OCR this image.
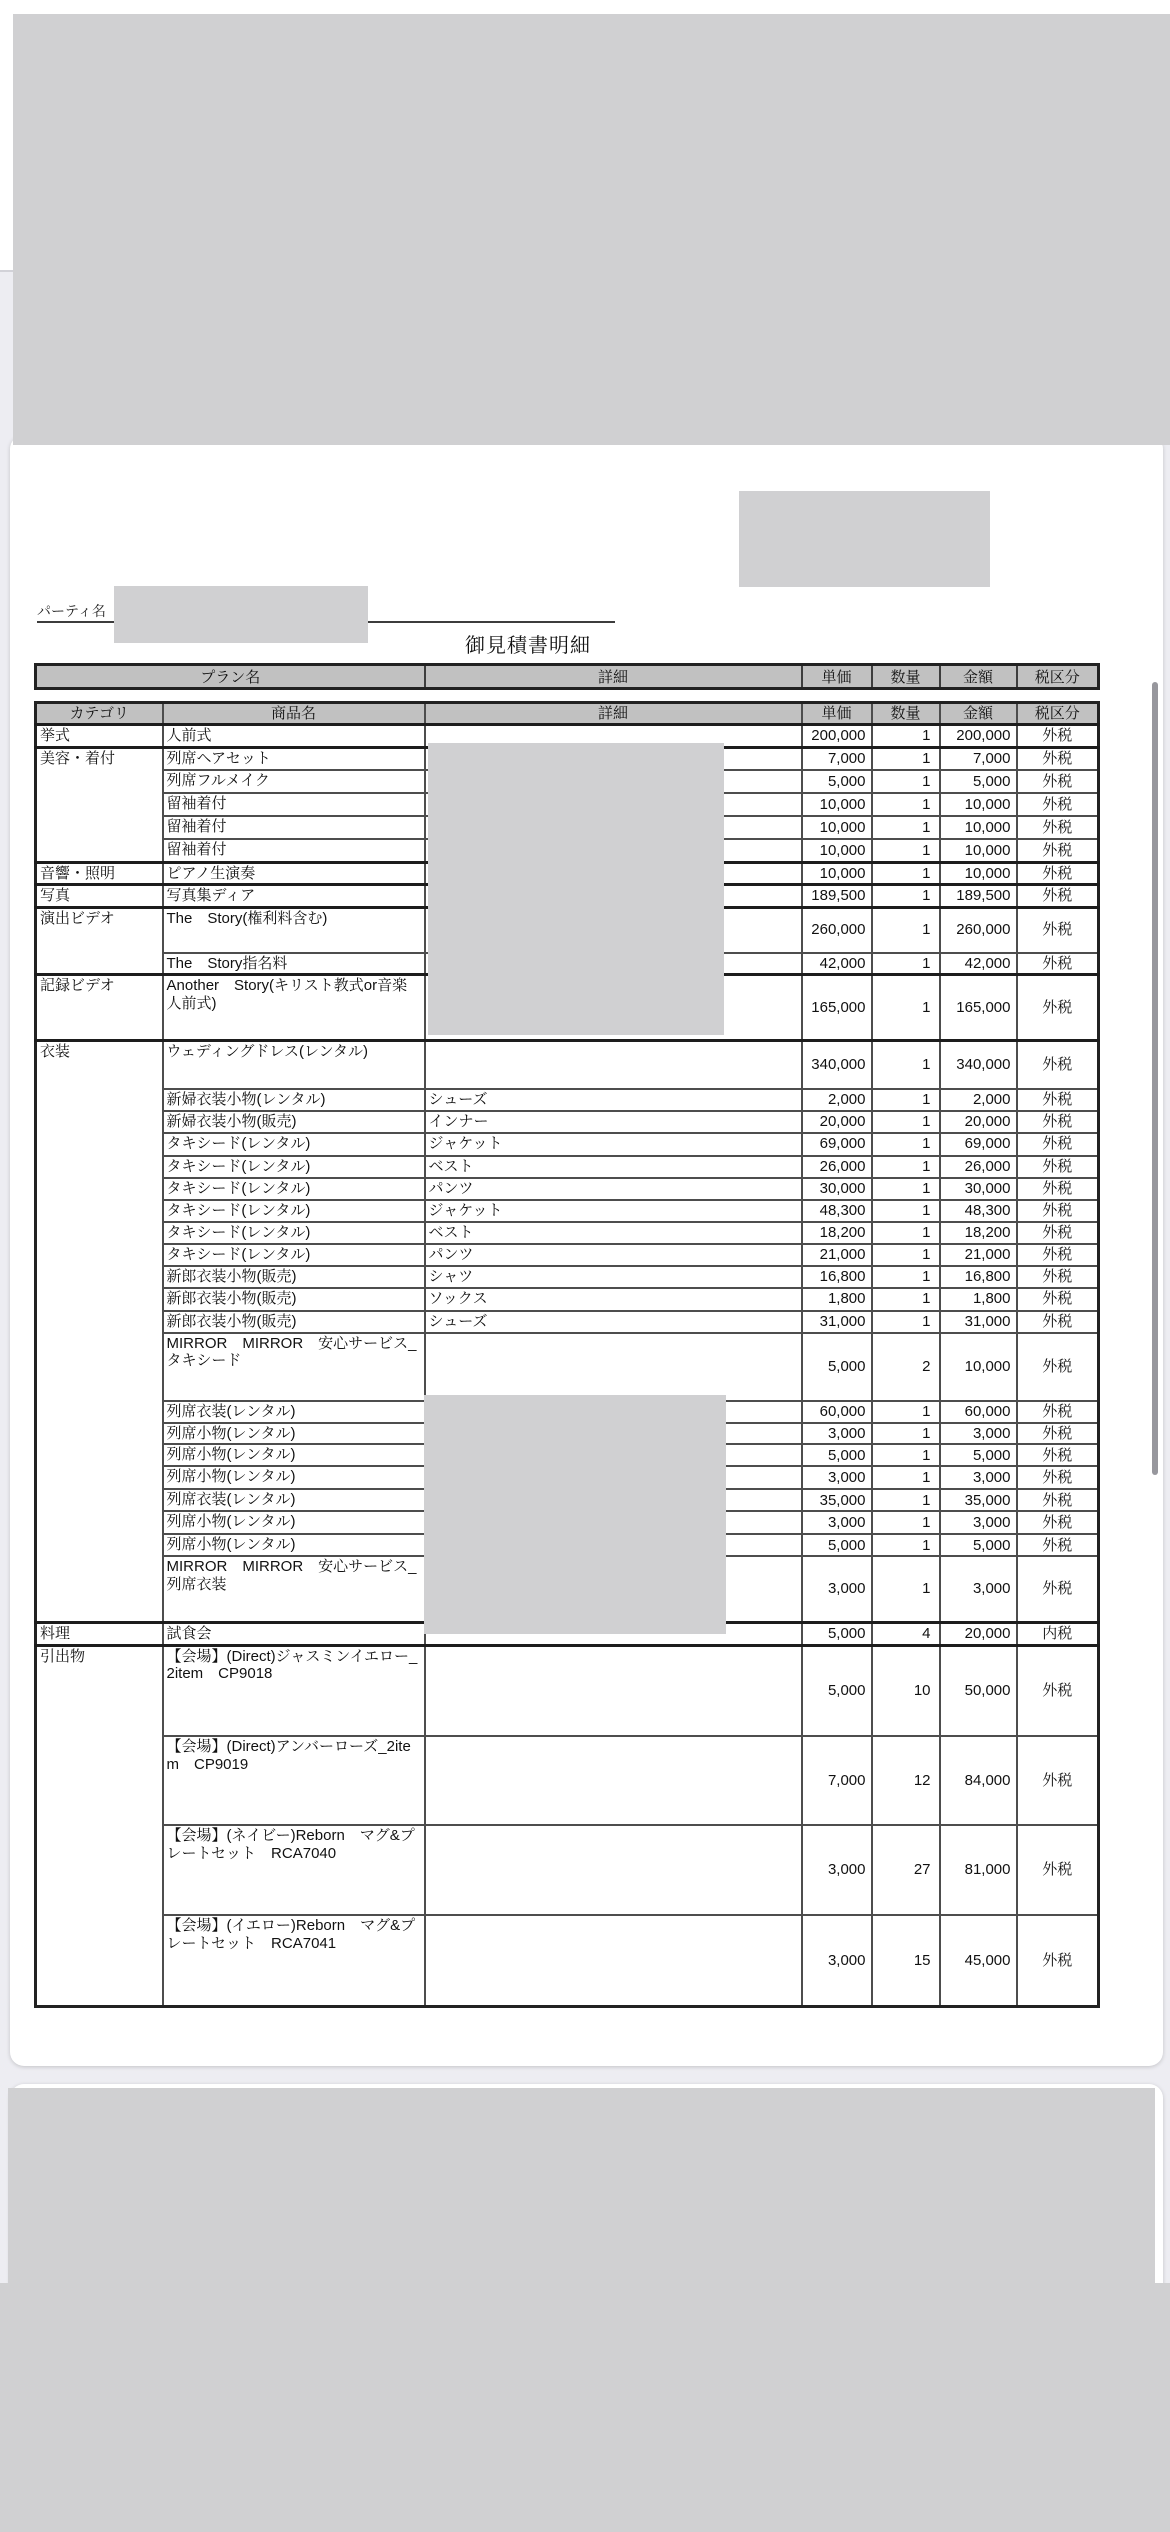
パーティ名
御見積書明細
プラン名	詳細	単価	数量	金額	税区分
カテゴリ	商品名	詳細	単価	数量	金額	税区分
挙式	人前式		200,000	1	200,000	外税
美容・着付	列席ヘアセット		7,000	1	7,000	外税
	列席フルメイク		5,000	1	5,000	外税
	留袖着付		10,000	1	10,000	外税
	留袖着付		10,000	1	10,000	外税
	留袖着付		10,000	1	10,000	外税
音響・照明	ピアノ生演奏		10,000	1	10,000	外税
写真	写真集ディア		189,500	1	189,500	外税
演出ビデオ	The　Story(権利料含む)		260,000	1	260,000	外税
	The　Story指名料		42,000	1	42,000	外税
記録ビデオ	Another　Story(キリスト教式or音楽人前式)		165,000	1	165,000	外税
衣装	ウェディングドレス(レンタル)		340,000	1	340,000	外税
	新婦衣装小物(レンタル)	シューズ	2,000	1	2,000	外税
	新婦衣装小物(販売)	インナー	20,000	1	20,000	外税
	タキシード(レンタル)	ジャケット	69,000	1	69,000	外税
	タキシード(レンタル)	ベスト	26,000	1	26,000	外税
	タキシード(レンタル)	パンツ	30,000	1	30,000	外税
	タキシード(レンタル)	ジャケット	48,300	1	48,300	外税
	タキシード(レンタル)	ベスト	18,200	1	18,200	外税
	タキシード(レンタル)	パンツ	21,000	1	21,000	外税
	新郎衣装小物(販売)	シャツ	16,800	1	16,800	外税
	新郎衣装小物(販売)	ソックス	1,800	1	1,800	外税
	新郎衣装小物(販売)	シューズ	31,000	1	31,000	外税
	MIRROR　MIRROR　安心サービス_タキシード		5,000	2	10,000	外税
	列席衣装(レンタル)		60,000	1	60,000	外税
	列席小物(レンタル)		3,000	1	3,000	外税
	列席小物(レンタル)		5,000	1	5,000	外税
	列席小物(レンタル)		3,000	1	3,000	外税
	列席衣装(レンタル)		35,000	1	35,000	外税
	列席小物(レンタル)		3,000	1	3,000	外税
	列席小物(レンタル)		5,000	1	5,000	外税
	MIRROR　MIRROR　安心サービス_列席衣装		3,000	1	3,000	外税
料理	試食会		5,000	4	20,000	内税
引出物	【会場】(Direct)ジャスミンイエロー_2item　CP9018		5,000	10	50,000	外税
	【会場】(Direct)アンバーローズ_2item　CP9019		7,000	12	84,000	外税
	【会場】(ネイビー)Reborn　マグ&プレートセット　RCA7040		3,000	27	81,000	外税
	【会場】(イエロー)Reborn　マグ&プレートセット　RCA7041		3,000	15	45,000	外税
